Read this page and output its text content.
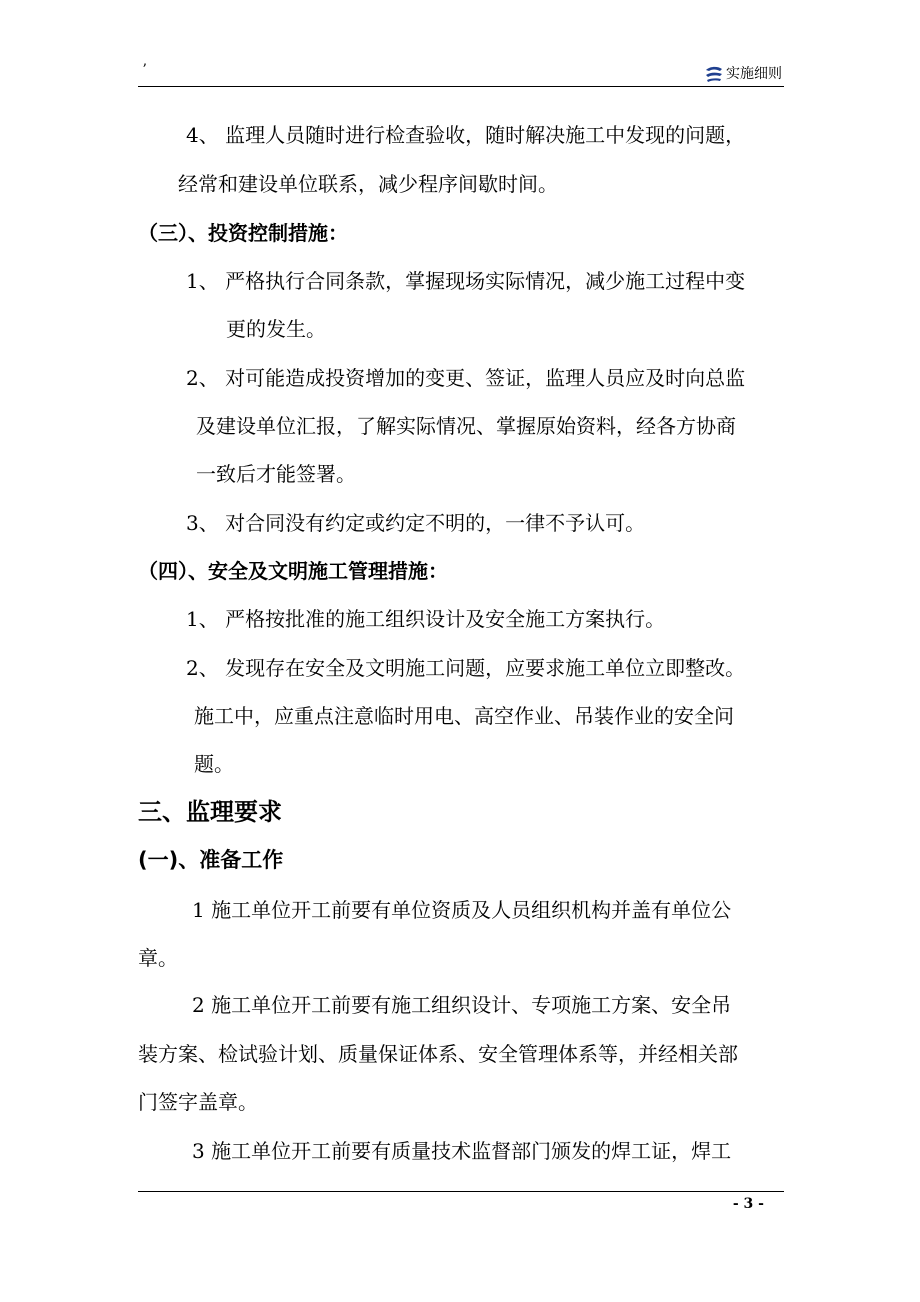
ʼ	实施细则
4、 监理人员随时进行检查验收，随时解决施工中发现的问题，
经常和建设单位联系，减少程序间歇时间。
（三）、投资控制措施：
1、 严格执行合同条款，掌握现场实际情况，减少施工过程中变
更的发生。
2、 对可能造成投资增加的变更、签证，监理人员应及时向总监
及建设单位汇报，了解实际情况、掌握原始资料，经各方协商
一致后才能签署。
3、 对合同没有约定或约定不明的，一律不予认可。
（四）、安全及文明施工管理措施：
1、 严格按批准的施工组织设计及安全施工方案执行。
2、 发现存在安全及文明施工问题，应要求施工单位立即整改。
施工中，应重点注意临时用电、高空作业、吊装作业的安全问
题。
三、监理要求
(一)、准备工作
1 施工单位开工前要有单位资质及人员组织机构并盖有单位公
章。
2 施工单位开工前要有施工组织设计、专项施工方案、安全吊
装方案、检试验计划、质量保证体系、安全管理体系等，并经相关部
门签字盖章。
3 施工单位开工前要有质量技术监督部门颁发的焊工证，焊工
- 3 -
